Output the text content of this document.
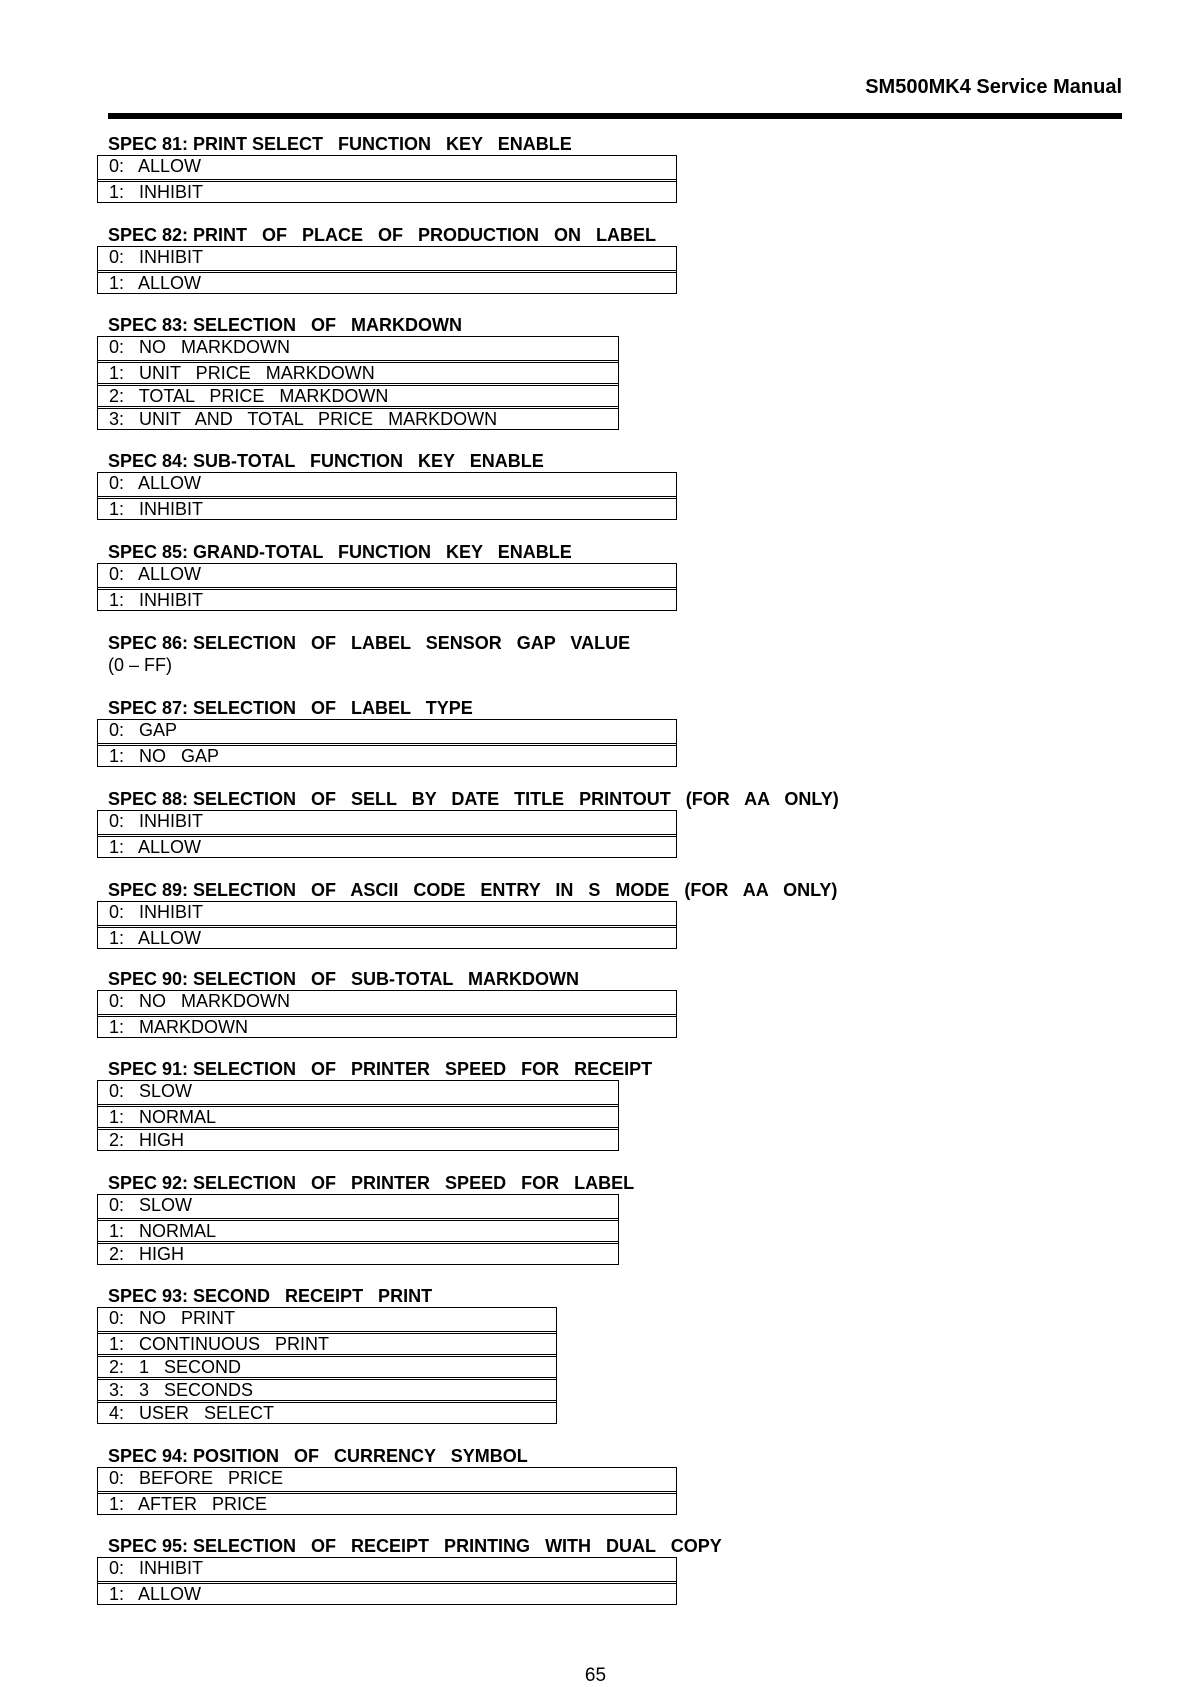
SM500MK4 Service Manual
SPEC 81: PRINT SELECT   FUNCTION   KEY   ENABLE
0:   ALLOW
1:   INHIBIT
SPEC 82: PRINT   OF   PLACE   OF   PRODUCTION   ON   LABEL
0:   INHIBIT
1:   ALLOW
SPEC 83: SELECTION   OF   MARKDOWN
0:   NO   MARKDOWN
1:   UNIT   PRICE   MARKDOWN
2:   TOTAL   PRICE   MARKDOWN
3:   UNIT   AND   TOTAL   PRICE   MARKDOWN
SPEC 84: SUB-TOTAL   FUNCTION   KEY   ENABLE
0:   ALLOW
1:   INHIBIT
SPEC 85: GRAND-TOTAL   FUNCTION   KEY   ENABLE
0:   ALLOW
1:   INHIBIT
SPEC 86: SELECTION   OF   LABEL   SENSOR   GAP   VALUE
(0 – FF)
SPEC 87: SELECTION   OF   LABEL   TYPE
0:   GAP
1:   NO   GAP
SPEC 88: SELECTION   OF   SELL   BY   DATE   TITLE   PRINTOUT   (FOR   AA   ONLY)
0:   INHIBIT
1:   ALLOW
SPEC 89: SELECTION   OF   ASCII   CODE   ENTRY   IN   S   MODE   (FOR   AA   ONLY)
0:   INHIBIT
1:   ALLOW
SPEC 90: SELECTION   OF   SUB-TOTAL   MARKDOWN
0:   NO   MARKDOWN
1:   MARKDOWN
SPEC 91: SELECTION   OF   PRINTER   SPEED   FOR   RECEIPT
0:   SLOW
1:   NORMAL
2:   HIGH
SPEC 92: SELECTION   OF   PRINTER   SPEED   FOR   LABEL
0:   SLOW
1:   NORMAL
2:   HIGH
SPEC 93: SECOND   RECEIPT   PRINT
0:   NO   PRINT
1:   CONTINUOUS   PRINT
2:   1   SECOND
3:   3   SECONDS
4:   USER   SELECT
SPEC 94: POSITION   OF   CURRENCY   SYMBOL
0:   BEFORE   PRICE
1:   AFTER   PRICE
SPEC 95: SELECTION   OF   RECEIPT   PRINTING   WITH   DUAL   COPY
0:   INHIBIT
1:   ALLOW
65
